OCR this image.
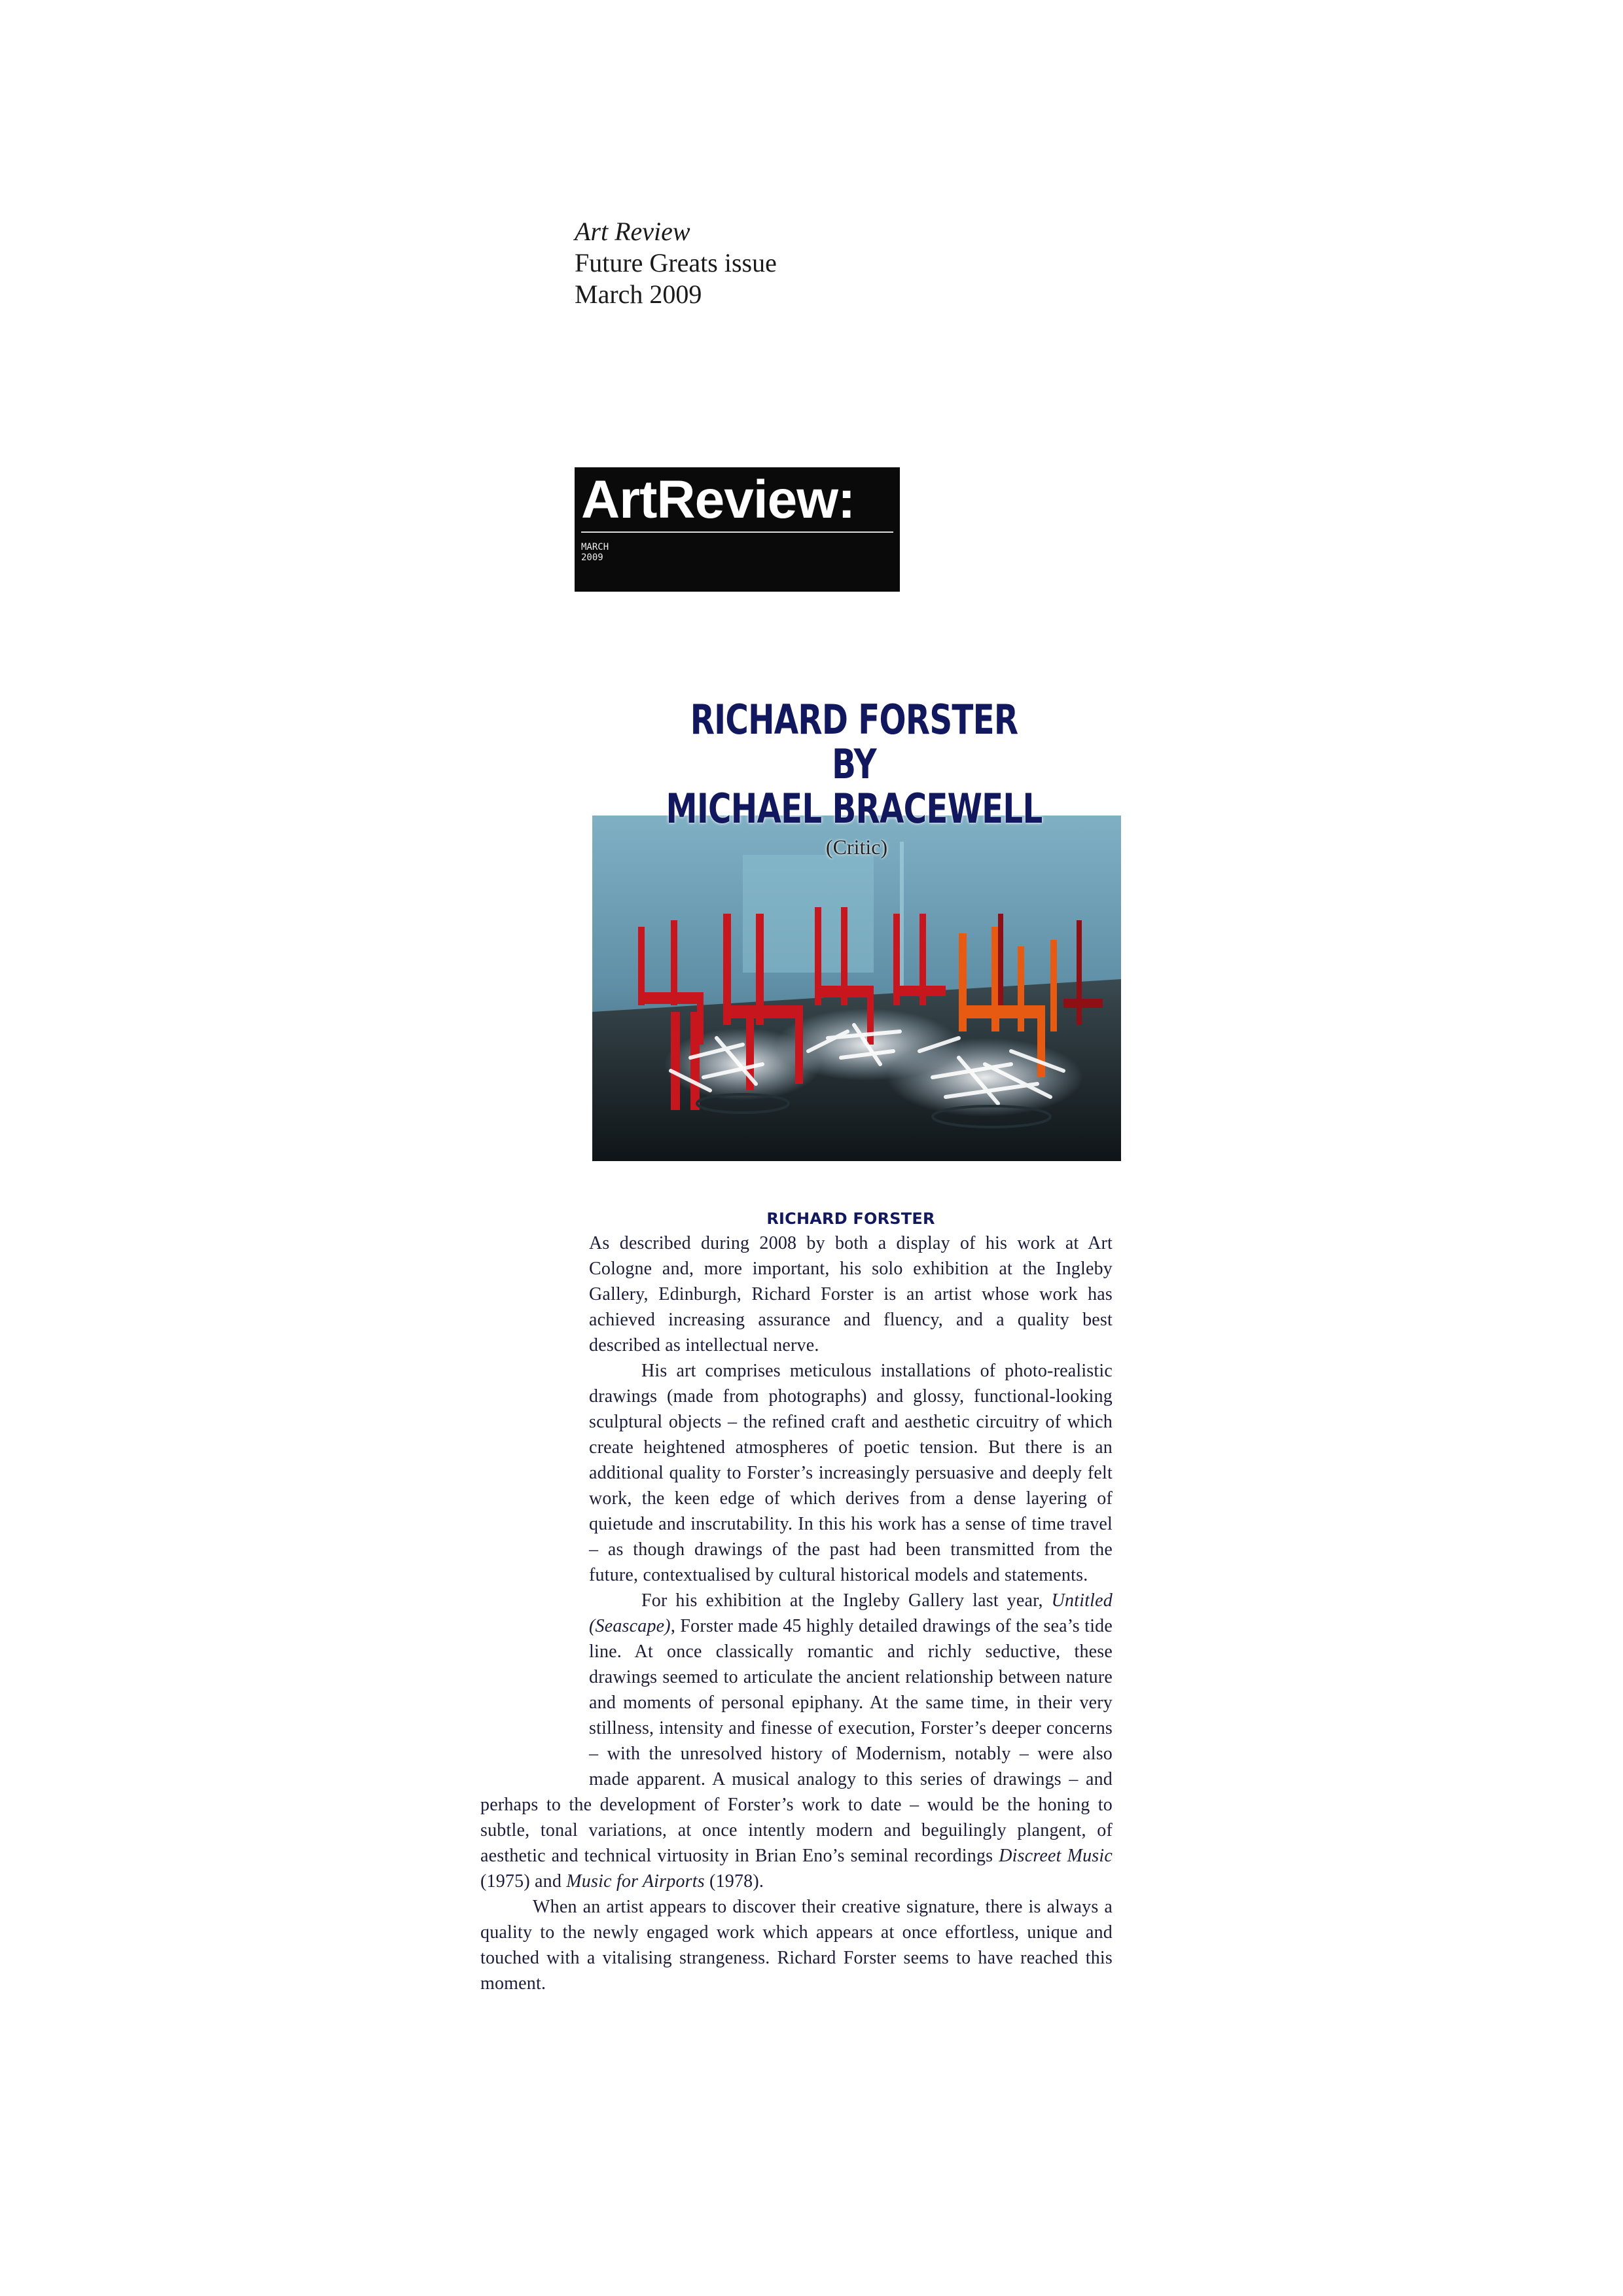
Art Review
Future Greats issue
March 2009
ArtReview:
MARCH
2009
RICHARD FORSTER
BY
MICHAEL BRACEWELL
(Critic)
RICHARD FORSTER

As described during 2008 by both a display of his work at Art Cologne and, more important, his solo exhibition at the Ingleby Gallery, Edinburgh, Richard Forster is an artist whose work has achieved increasing assurance and fluency, and a quality best described as intellectual nerve.

His art comprises meticulous installations of photo-realistic drawings (made from photographs) and glossy, functional-looking sculptural objects – the refined craft and aesthetic circuitry of which create heightened atmospheres of poetic tension. But there is an additional quality to Forster’s increasingly persuasive and deeply felt work, the keen edge of which derives from a dense layering of quietude and inscrutability. In this his work has a sense of time travel – as though drawings of the past had been transmitted from the future, contextualised by cultural historical models and statements.

For his exhibition at the Ingleby Gallery last year, Untitled (Seascape), Forster made 45 highly detailed drawings of the sea’s tide line. At once classically romantic and richly seductive, these drawings seemed to articulate the ancient relationship between nature and moments of personal epiphany. At the same time, in their very stillness, intensity and finesse of execution, Forster’s deeper concerns – with the unresolved history of Modernism, notably – were also made apparent. A musical analogy to this series of drawings – and perhaps to the development of Forster’s work to date – would be the honing to subtle, tonal variations, at once intently modern and beguilingly plangent, of aesthetic and technical virtuosity in Brian Eno’s seminal recordings Discreet Music (1975) and Music for Airports (1978).

When an artist appears to discover their creative signature, there is always a quality to the newly engaged work which appears at once effortless, unique and touched with a vitalising strangeness. Richard Forster seems to have reached this moment.
